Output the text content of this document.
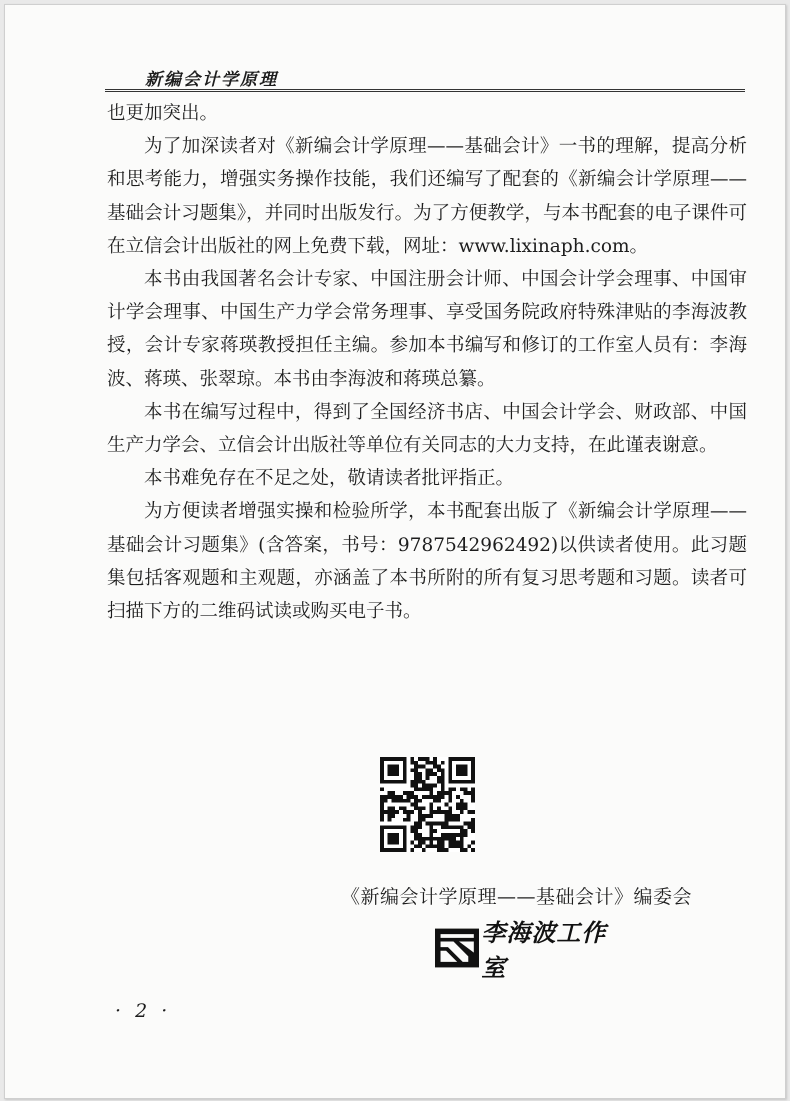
新编会计学原理

也更加突出。

为了加深读者对《新编会计学原理——基础会计》一书的理解，提高分析和思考能力，增强实务操作技能，我们还编写了配套的《新编会计学原理——基础会计习题集》，并同时出版发行。为了方便教学，与本书配套的电子课件可在立信会计出版社的网上免费下载，网址：www.lixinaph.com。

本书由我国著名会计专家、中国注册会计师、中国会计学会理事、中国审计学会理事、中国生产力学会常务理事、享受国务院政府特殊津贴的李海波教授，会计专家蒋瑛教授担任主编。参加本书编写和修订的工作室人员有：李海波、蒋瑛、张翠琼。本书由李海波和蒋瑛总纂。

本书在编写过程中，得到了全国经济书店、中国会计学会、财政部、中国生产力学会、立信会计出版社等单位有关同志的大力支持，在此谨表谢意。

本书难免存在不足之处，敬请读者批评指正。

为方便读者增强实操和检验所学，本书配套出版了《新编会计学原理——基础会计习题集》(含答案，书号：9787542962492)以供读者使用。此习题集包括客观题和主观题，亦涵盖了本书所附的所有复习思考题和习题。读者可扫描下方的二维码试读或购买电子书。

《新编会计学原理——基础会计》编委会
李海波工作室
· 2 ·
